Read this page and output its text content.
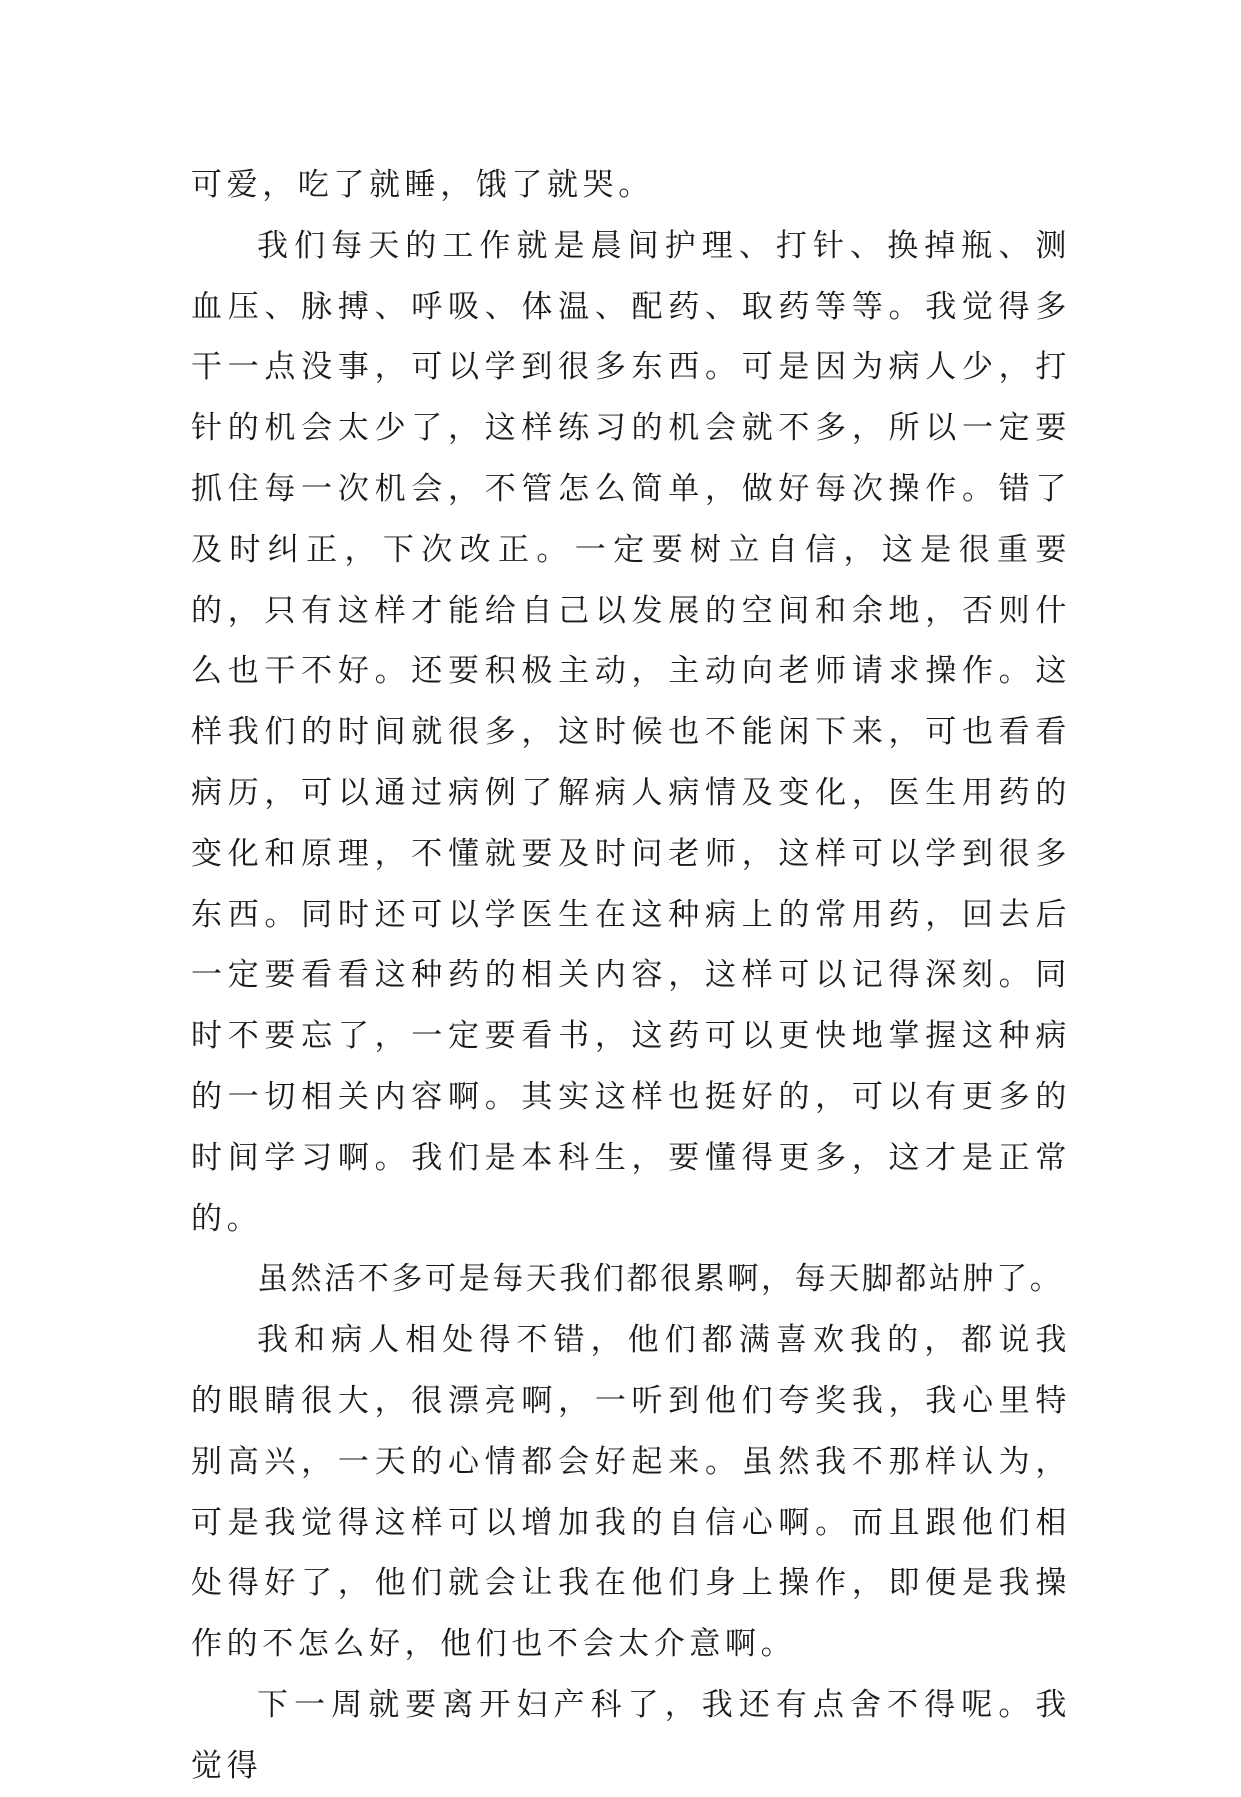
可爱，吃了就睡，饿了就哭。

我们每天的工作就是晨间护理、打针、换掉瓶、测血压、脉搏、呼吸、体温、配药、取药等等。我觉得多干一点没事，可以学到很多东西。可是因为病人少，打针的机会太少了，这样练习的机会就不多，所以一定要抓住每一次机会，不管怎么简单，做好每次操作。错了及时纠正，下次改正。一定要树立自信，这是很重要的，只有这样才能给自己以发展的空间和余地，否则什么也干不好。还要积极主动，主动向老师请求操作。这样我们的时间就很多，这时候也不能闲下来，可也看看病历，可以通过病例了解病人病情及变化，医生用药的变化和原理，不懂就要及时问老师，这样可以学到很多东西。同时还可以学医生在这种病上的常用药，回去后一定要看看这种药的相关内容，这样可以记得深刻。同时不要忘了，一定要看书，这药可以更快地掌握这种病的一切相关内容啊。其实这样也挺好的，可以有更多的时间学习啊。我们是本科生，要懂得更多，这才是正常的。

虽然活不多可是每天我们都很累啊，每天脚都站肿了。

我和病人相处得不错，他们都满喜欢我的，都说我的眼睛很大，很漂亮啊，一听到他们夸奖我，我心里特别高兴，一天的心情都会好起来。虽然我不那样认为，可是我觉得这样可以增加我的自信心啊。而且跟他们相处得好了，他们就会让我在他们身上操作，即便是我操作的不怎么好，他们也不会太介意啊。

下一周就要离开妇产科了，我还有点舍不得呢。我觉得
